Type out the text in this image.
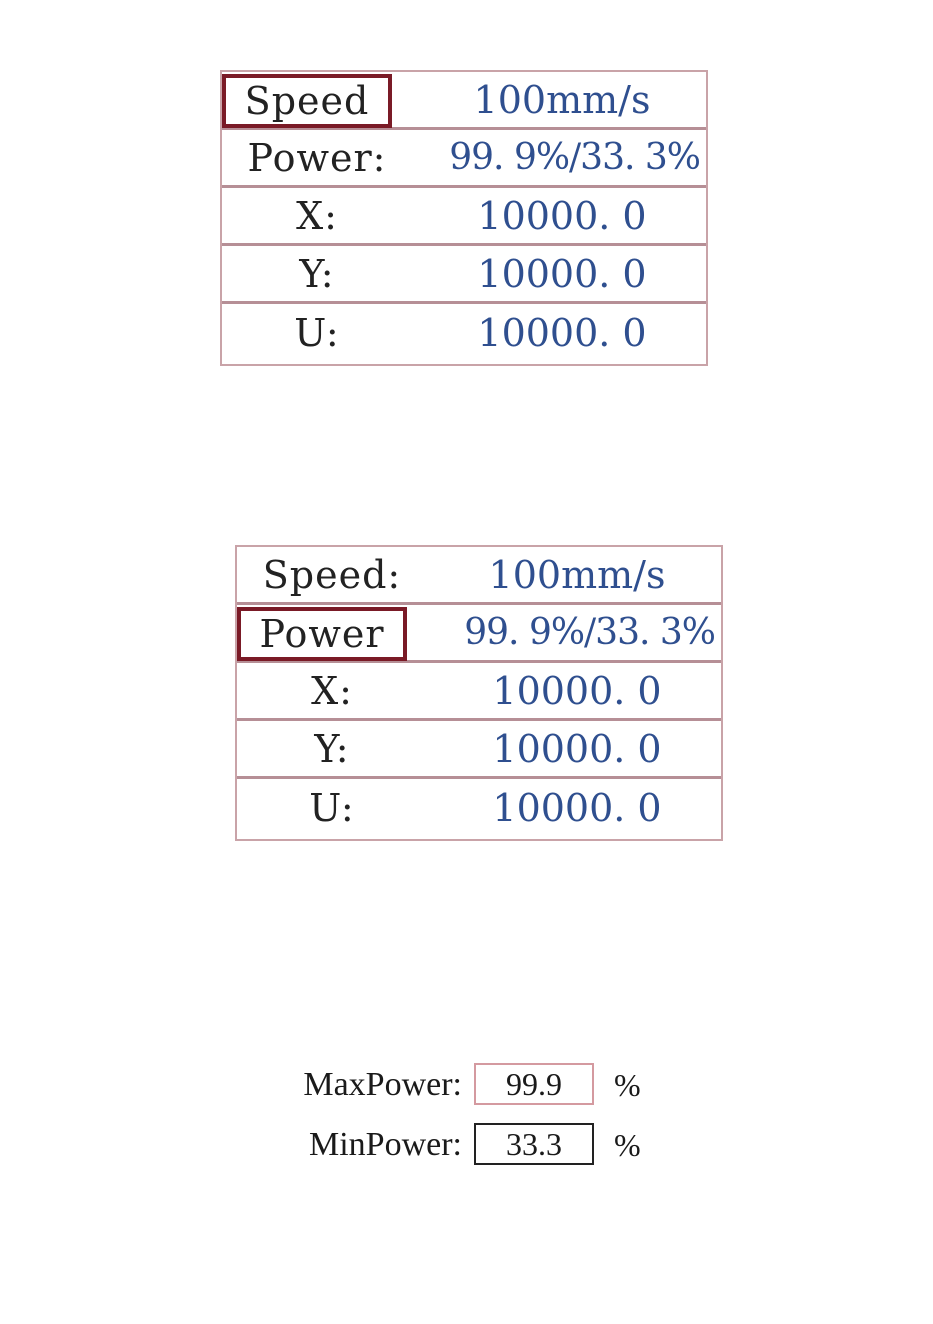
Speed	100mm/s
Power:	99. 9%/33. 3%
X:	10000. 0
Y:	10000. 0
U:	10000. 0
Speed:	100mm/s
Power	99. 9%/33. 3%
X:	10000. 0
Y:	10000. 0
U:	10000. 0
MaxPower:	99.9	%
MinPower:	33.3	%
